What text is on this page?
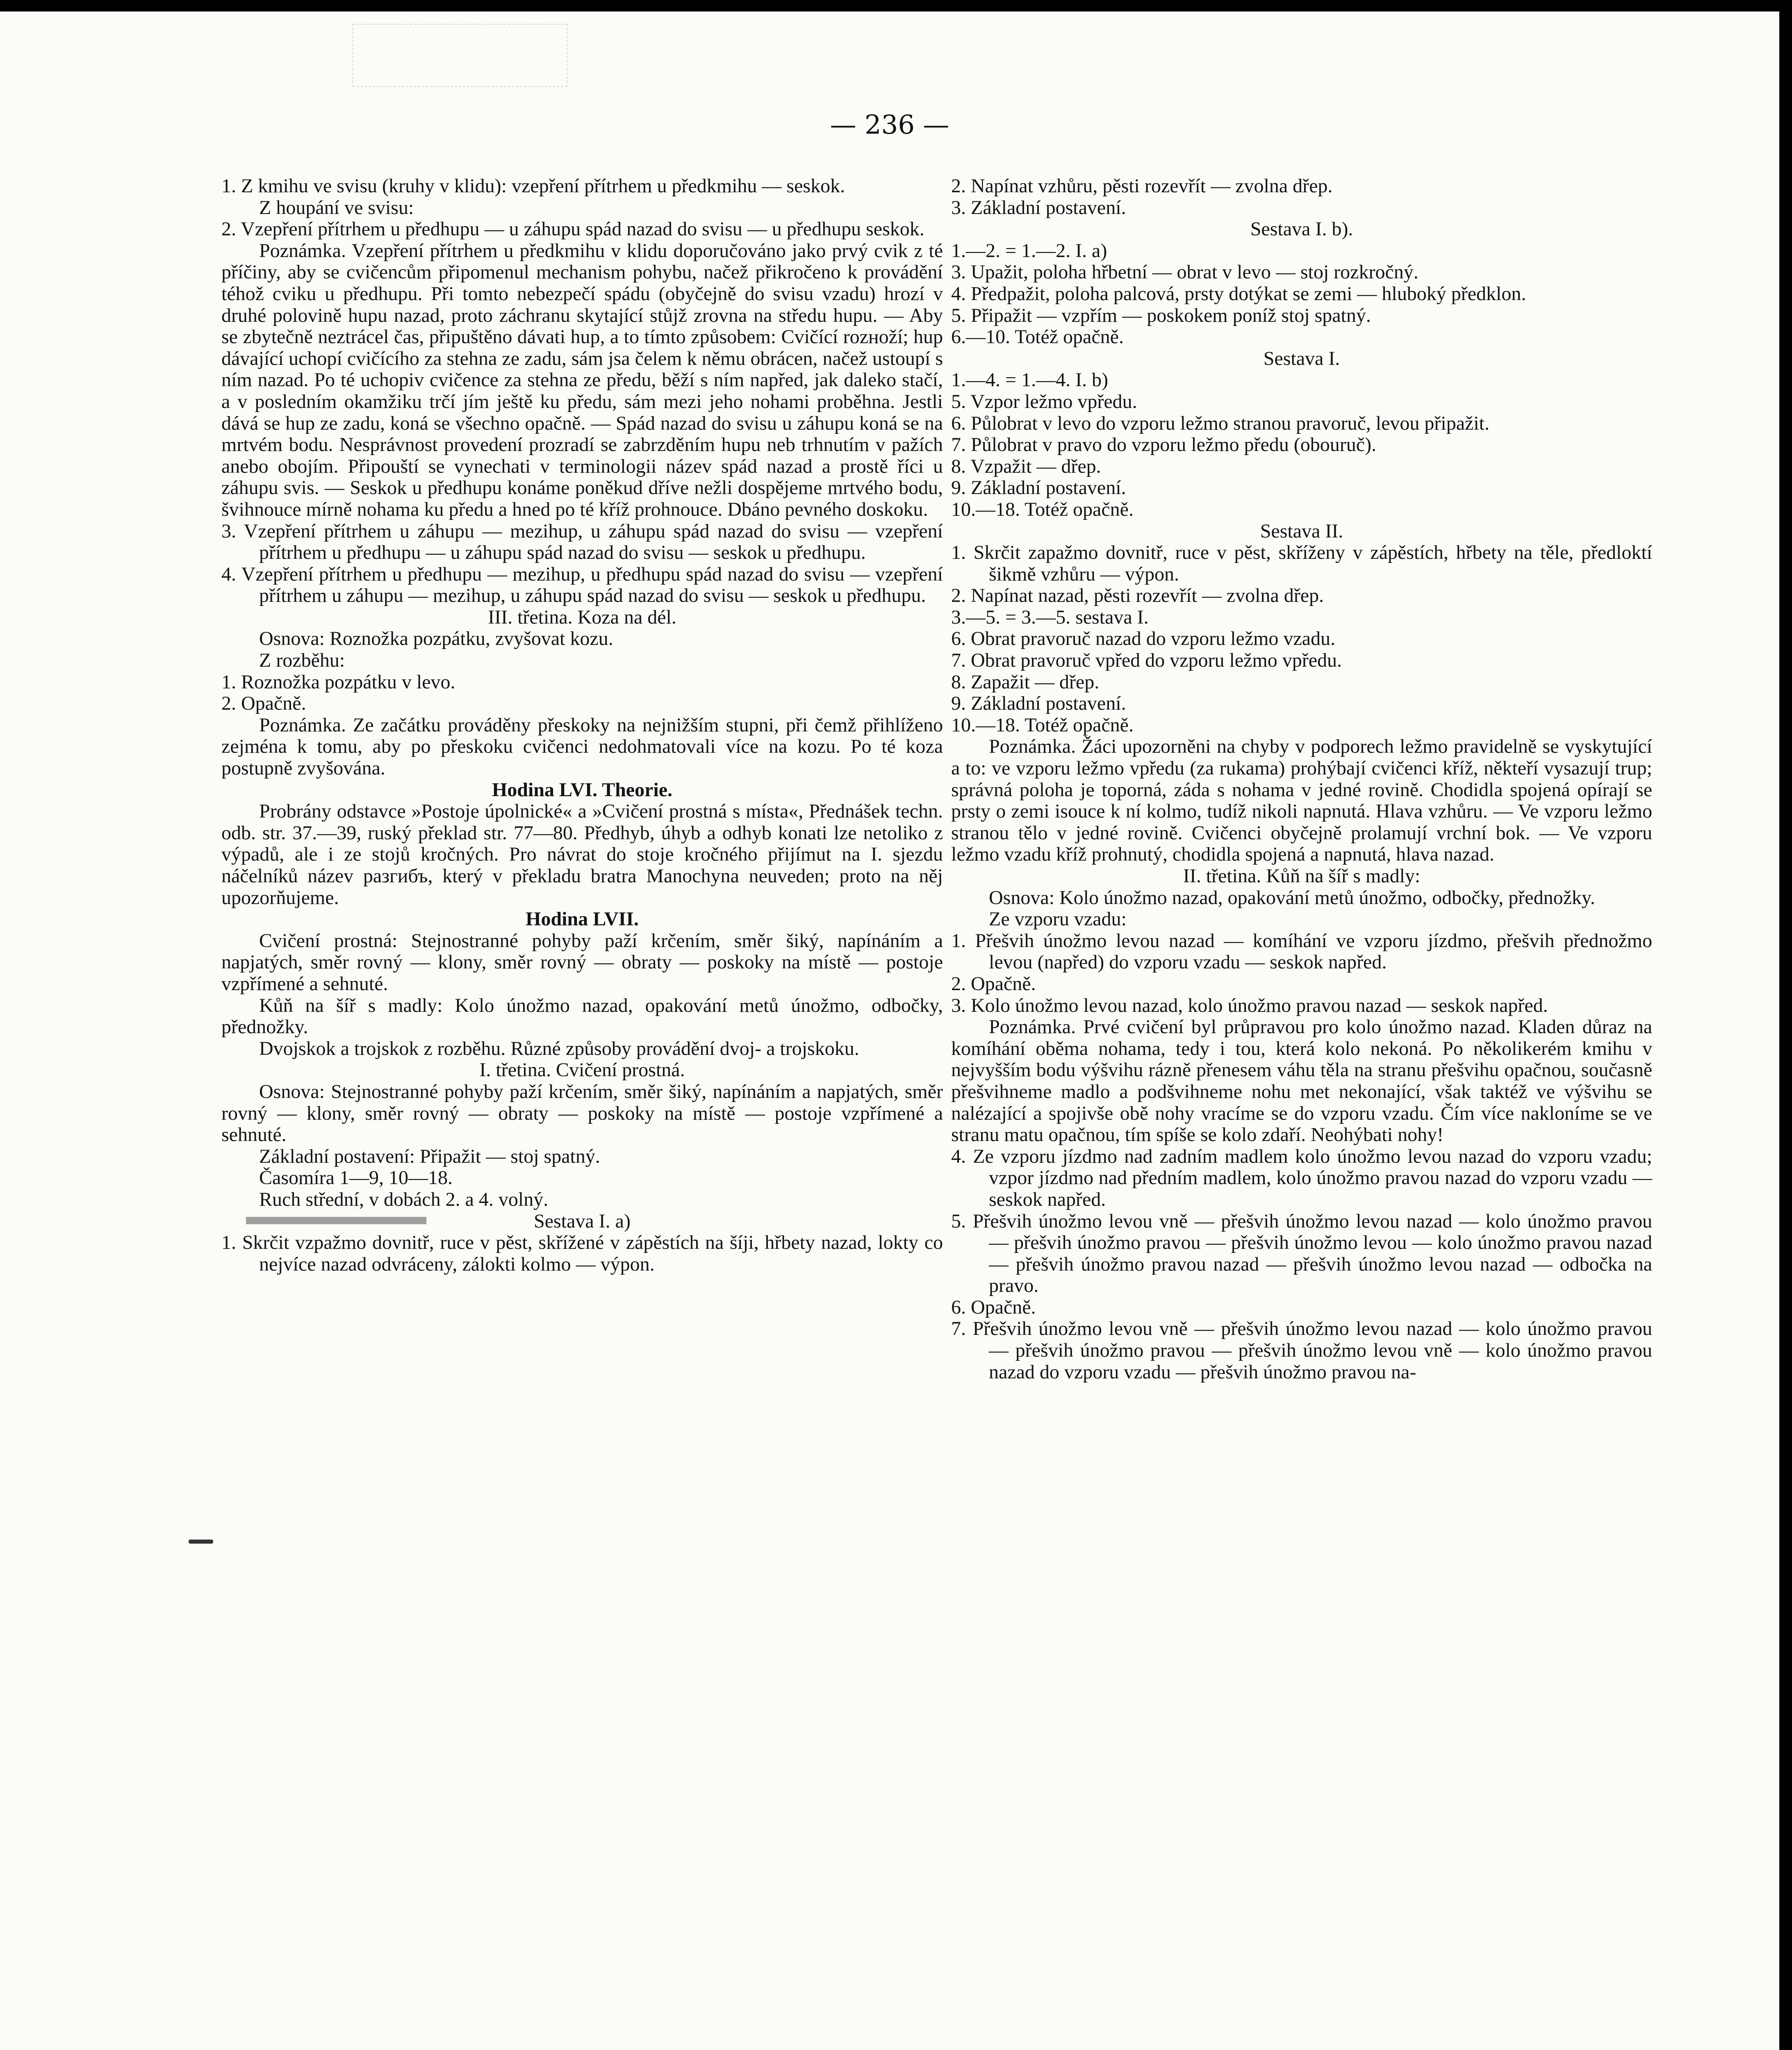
— 236 —

1. Z kmihu ve svisu (kruhy v klidu): vzepření přítrhem u předkmihu — seskok.

Z houpání ve svisu:

2. Vzepření přítrhem u předhupu — u záhupu spád nazad do svisu — u předhupu seskok.

Poznámka. Vzepření přítrhem u předkmihu v klidu doporučováno jako prvý cvik z té příčiny, aby se cvičencům připomenul mechanism pohybu, načež přikročeno k provádění téhož cviku u předhupu. Při tomto nebezpečí spádu (obyčejně do svisu vzadu) hrozí v druhé polovině hupu nazad, proto záchranu skytající stůjž zrovna na středu hupu. — Aby se zbytečně neztrácel čas, připuštěno dávati hup, a to tímto způsobem: Cvičící rozноží; hup dávající uchopí cvičícího za stehna ze zadu, sám jsa čelem k němu obrácen, načež ustoupí s ním nazad. Po té uchopiv cvičence za stehna ze předu, běží s ním napřed, jak daleko stačí, a v posledním okamžiku trčí jím ještě ku předu, sám mezi jeho nohami proběhna. Jestli dává se hup ze zadu, koná se všechno opačně. — Spád nazad do svisu u záhupu koná se na mrtvém bodu. Nesprávnost provedení prozradí se zabrzděním hupu neb trhnutím v pažích anebo obojím. Připouští se vynechati v terminologii název spád nazad a prostě říci u záhupu svis. — Seskok u předhupu konáme poněkud dříve nežli dospějeme mrtvého bodu, švihnouce mírně nohama ku předu a hned po té kříž prohnouce. Dbáno pevného doskoku.

3. Vzepření přítrhem u záhupu — mezihup, u záhupu spád nazad do svisu — vzepření přítrhem u předhupu — u záhupu spád nazad do svisu — seskok u předhupu.

4. Vzepření přítrhem u předhupu — mezihup, u předhupu spád nazad do svisu — vzepření přítrhem u záhupu — mezihup, u záhupu spád nazad do svisu — seskok u předhupu.

III. třetina. Koza na dél.

Osnova: Roznožka pozpátku, zvyšovat kozu.

Z rozběhu:

1. Roznožka pozpátku v levo.

2. Opačně.

Poznámka. Ze začátku prováděny přeskoky na nejnižším stupni, při čemž přihlíženo zejména k tomu, aby po přeskoku cvičenci nedohmatovali více na kozu. Po té koza postupně zvyšována.

Hodina LVI. Theorie.

Probrány odstavce »Postoje úpolnické« a »Cvičení prostná s místa«, Přednášek techn. odb. str. 37.—39, ruský překlad str. 77—80. Předhyb, úhyb a odhyb konati lze netoliko z výpadů, ale i ze stojů kročných. Pro návrat do stoje kročného přijímut na I. sjezdu náčelníků název разгибъ, který v překladu bratra Manochyna neuveden; proto na něj upozorňujeme.

Hodina LVII.

Cvičení prostná: Stejnostranné pohyby paží krčením, směr šiký, napínáním a napjatých, směr rovný — klony, směr rovný — obraty — poskoky na místě — postoje vzpřímené a sehnuté.

Kůň na šíř s madly: Kolo únožmo nazad, opakování metů únožmo, odbočky, přednožky.

Dvojskok a trojskok z rozběhu. Různé způsoby provádění dvoj- a trojskoku.

I. třetina. Cvičení prostná.

Osnova: Stejnostranné pohyby paží krčením, směr šiký, napínáním a napjatých, směr rovný — klony, směr rovný — obraty — poskoky na místě — postoje vzpřímené a sehnuté.

Základní postavení: Připažit — stoj spatný.

Časomíra 1—9, 10—18.

Ruch střední, v dobách 2. a 4. volný.

Sestava I. a)

1. Skrčit vzpažmo dovnitř, ruce v pěst, skřížené v zápěstích na šíji, hřbety nazad, lokty co nejvíce nazad odvráceny, zálokti kolmo — výpon.

2. Napínat vzhůru, pěsti rozevřít — zvolna dřep.

3. Základní postavení.

Sestava I. b).

1.—2. = 1.—2. I. a)

3. Upažit, poloha hřbetní — obrat v levo — stoj rozkročný.

4. Předpažit, poloha palcová, prsty dotýkat se zemi — hluboký předklon.

5. Připažit — vzpřím — poskokem poníž stoj spatný.

6.—10. Totéž opačně.

Sestava I.

1.—4. = 1.—4. I. b)

5. Vzpor ležmo vpředu.

6. Půlobrat v levo do vzporu ležmo stranou pravoruč, levou připažit.

7. Půlobrat v pravo do vzporu ležmo předu (obouruč).

8. Vzpažit — dřep.

9. Základní postavení.

10.—18. Totéž opačně.

Sestava II.

1. Skrčit zapažmo dovnitř, ruce v pěst, skříženy v zápěstích, hřbety na těle, předloktí šikmě vzhůru — výpon.

2. Napínat nazad, pěsti rozevřít — zvolna dřep.

3.—5. = 3.—5. sestava I.

6. Obrat pravoruč nazad do vzporu ležmo vzadu.

7. Obrat pravoruč vpřed do vzporu ležmo vpředu.

8. Zapažit — dřep.

9. Základní postavení.

10.—18. Totéž opačně.

Poznámka. Žáci upozorněni na chyby v podporech ležmo pravidelně se vyskytující a to: ve vzporu ležmo vpředu (za rukama) prohýbají cvičenci kříž, někteří vysazují trup; správná poloha je toporná, záda s nohama v jedné rovině. Chodidla spojená opírají se prsty o zemi isouce k ní kolmo, tudíž nikoli napnutá. Hlava vzhůru. — Ve vzporu ležmo stranou tělo v jedné rovině. Cvičenci obyčejně prolamují vrchní bok. — Ve vzporu ležmo vzadu kříž prohnutý, chodidla spojená a napnutá, hlava nazad.

II. třetina. Kůň na šíř s madly:

Osnova: Kolo únožmo nazad, opakování metů únožmo, odbočky, přednožky.

Ze vzporu vzadu:

1. Přešvih únožmo levou nazad — komíhání ve vzporu jízdmo, přešvih přednožmo levou (napřed) do vzporu vzadu — seskok napřed.

2. Opačně.

3. Kolo únožmo levou nazad, kolo únožmo pravou nazad — seskok napřed.

Poznámka. Prvé cvičení byl průpravou pro kolo únožmo nazad. Kladen důraz na komíhání oběma nohama, tedy i tou, která kolo nekoná. Po několikerém kmihu v nejvyšším bodu výšvihu rázně přenesem váhu těla na stranu přešvihu opačnou, současně přešvihneme madlo a podšvihneme nohu met nekonající, však taktéž ve výšvihu se nalézající a spojivše obě nohy vracíme se do vzporu vzadu. Čím více nakloníme se ve stranu matu opačnou, tím spíše se kolo zdaří. Neohýbati nohy!

4. Ze vzporu jízdmo nad zadním madlem kolo únožmo levou nazad do vzporu vzadu; vzpor jízdmo nad předním madlem, kolo únožmo pravou nazad do vzporu vzadu — seskok napřed.

5. Přešvih únožmo levou vně — přešvih únožmo levou nazad — kolo únožmo pravou — přešvih únožmo pravou — přešvih únožmo levou — kolo únožmo pravou nazad — přešvih únožmo pravou nazad — přešvih únožmo levou nazad — odbočka na pravo.

6. Opačně.

7. Přešvih únožmo levou vně — přešvih únožmo levou nazad — kolo únožmo pravou — přešvih únožmo pravou — přešvih únožmo levou vně — kolo únožmo pravou nazad do vzporu vzadu — přešvih únožmo pravou na-
